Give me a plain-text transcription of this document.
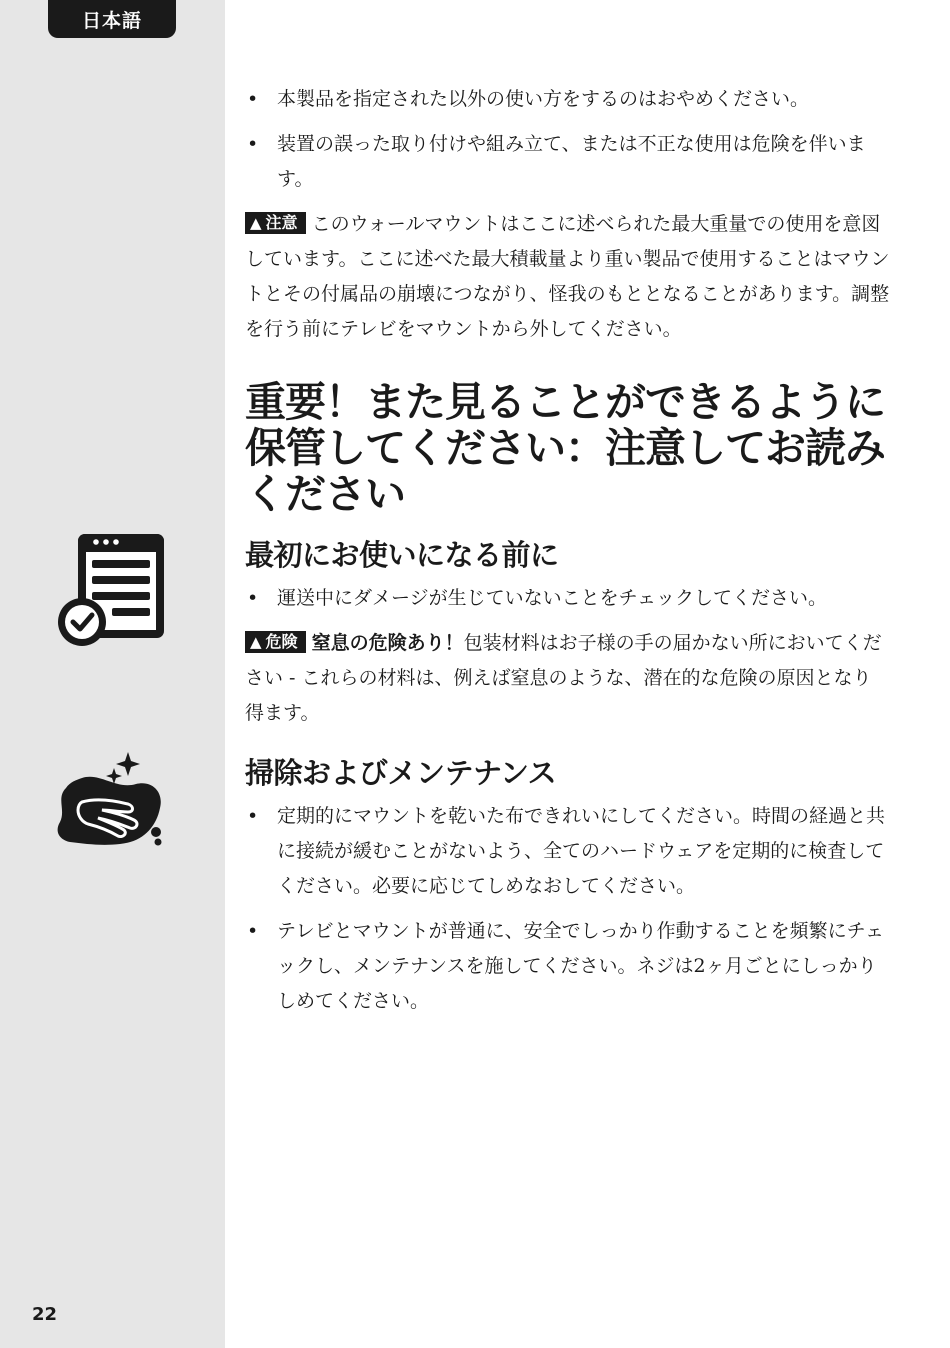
日本語
22
• 本製品を指定された以外の使い方をするのはおやめください。
• 装置の誤った取り付けや組み立て、または不正な使用は危険を伴います。

▲ 注意 このウォールマウントはここに述べられた最大重量での使用を意図しています。ここに述べた最大積載量より重い製品で使用することはマウントとその付属品の崩壊につながり、怪我のもととなることがあります。調整を行う前にテレビをマウントから外してください。

重要！また見ることができるように保管してください：注意してお読みください
最初にお使いになる前に
• 運送中にダメージが生じていないことをチェックしてください。

▲ 危険 窒息の危険あり！包装材料はお子様の手の届かない所においてください - これらの材料は、例えば窒息のような、潜在的な危険の原因となり得ます。

掃除およびメンテナンス
• 定期的にマウントを乾いた布できれいにしてください。時間の経過と共に接続が緩むことがないよう、全てのハードウェアを定期的に検査してください。必要に応じてしめなおしてください。
• テレビとマウントが普通に、安全でしっかり作動することを頻繁にチェックし、メンテナンスを施してください。ネジは2ヶ月ごとにしっかりしめてください。
